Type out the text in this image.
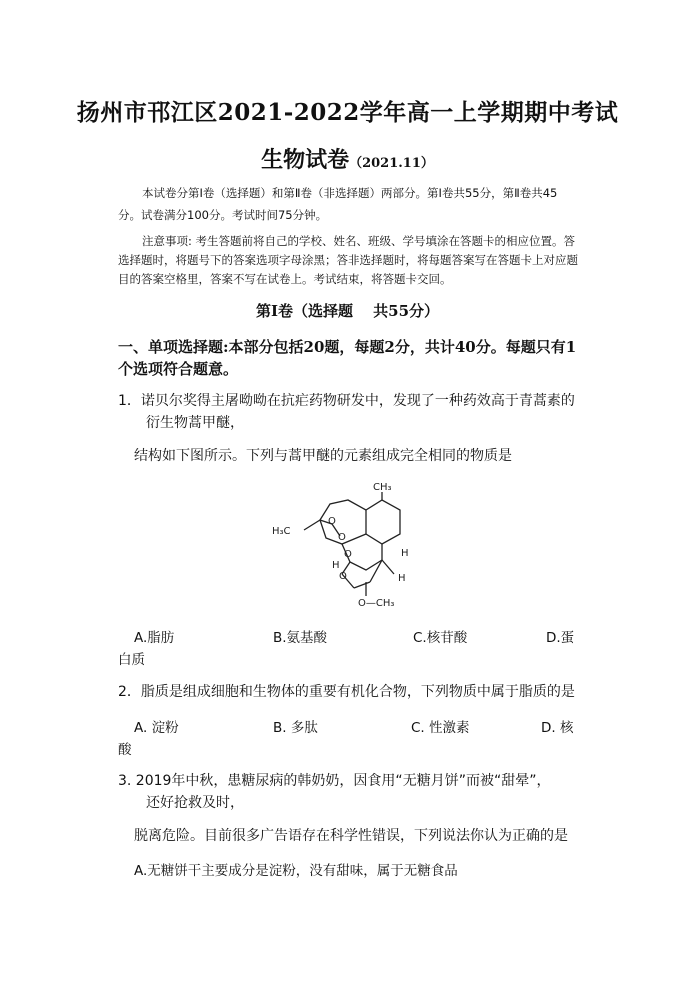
扬州市邗江区2021-2022学年高一上学期期中考试
生物试卷（2021.11）
本试卷分第Ⅰ卷（选择题）和第Ⅱ卷（非选择题）两部分。第Ⅰ卷共55分，第Ⅱ卷共45分。试卷满分100分。考试时间75分钟。
注意事项: 考生答题前将自己的学校、姓名、班级、学号填涂在答题卡的相应位置。答选择题时，将题号下的答案选项字母涂黑；答非选择题时，将每题答案写在答题卡上对应题目的答案空格里，答案不写在试卷上。考试结束，将答题卡交回。
第Ⅰ卷（选择题　 共55分）
一、单项选择题:本部分包括20题，每题2分，共计40分。每题只有1个选项符合题意。
1．诺贝尔奖得主屠呦呦在抗疟药物研发中，发现了一种药效高于青蒿素的
衍生物蒿甲醚，
结构如下图所示。下列与蒿甲醚的元素组成完全相同的物质是
CH₃
H₃C
O
O
O
O
H
H
H
O—CH₃
A.脂肪	B.氨基酸	C.核苷酸	D.蛋
白质
2．脂质是组成细胞和生物体的重要有机化合物，下列物质中属于脂质的是
A. 淀粉	B. 多肽	C. 性激素	D. 核
酸
3. 2019年中秋，患糖尿病的韩奶奶，因食用“无糖月饼”而被“甜晕”，
还好抢救及时，
脱离危险。目前很多广告语存在科学性错误，下列说法你认为正确的是
A.无糖饼干主要成分是淀粉，没有甜味，属于无糖食品
